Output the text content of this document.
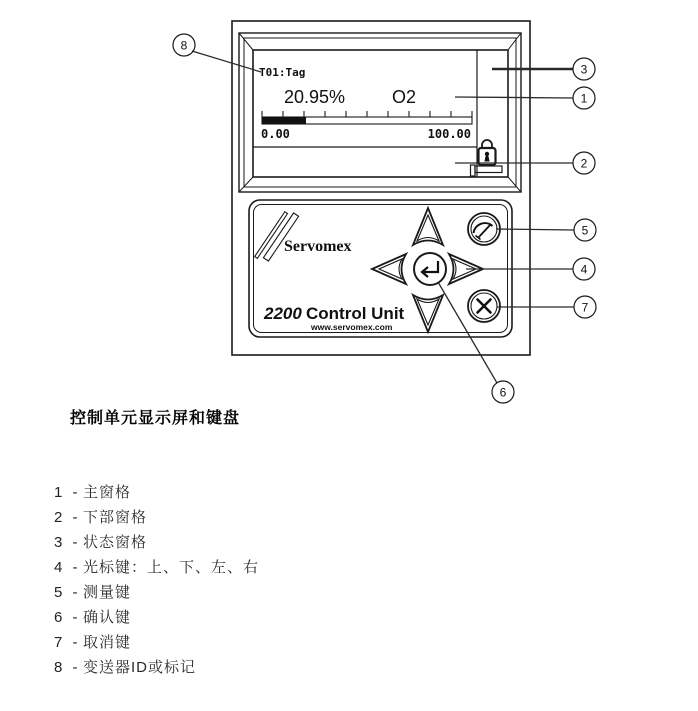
T01:Tag
20.95%	O2
0.00	100.00
Servomex
2200 Control Unit
www.servomex.com
8
3
1
2
5
4
7
6
控制单元显示屏和键盘
1 - 主窗格
2 - 下部窗格
3 - 状态窗格
4 - 光标键：上、下、左、右
5 - 测量键
6 - 确认键
7 - 取消键
8 - 变送器ID或标记
